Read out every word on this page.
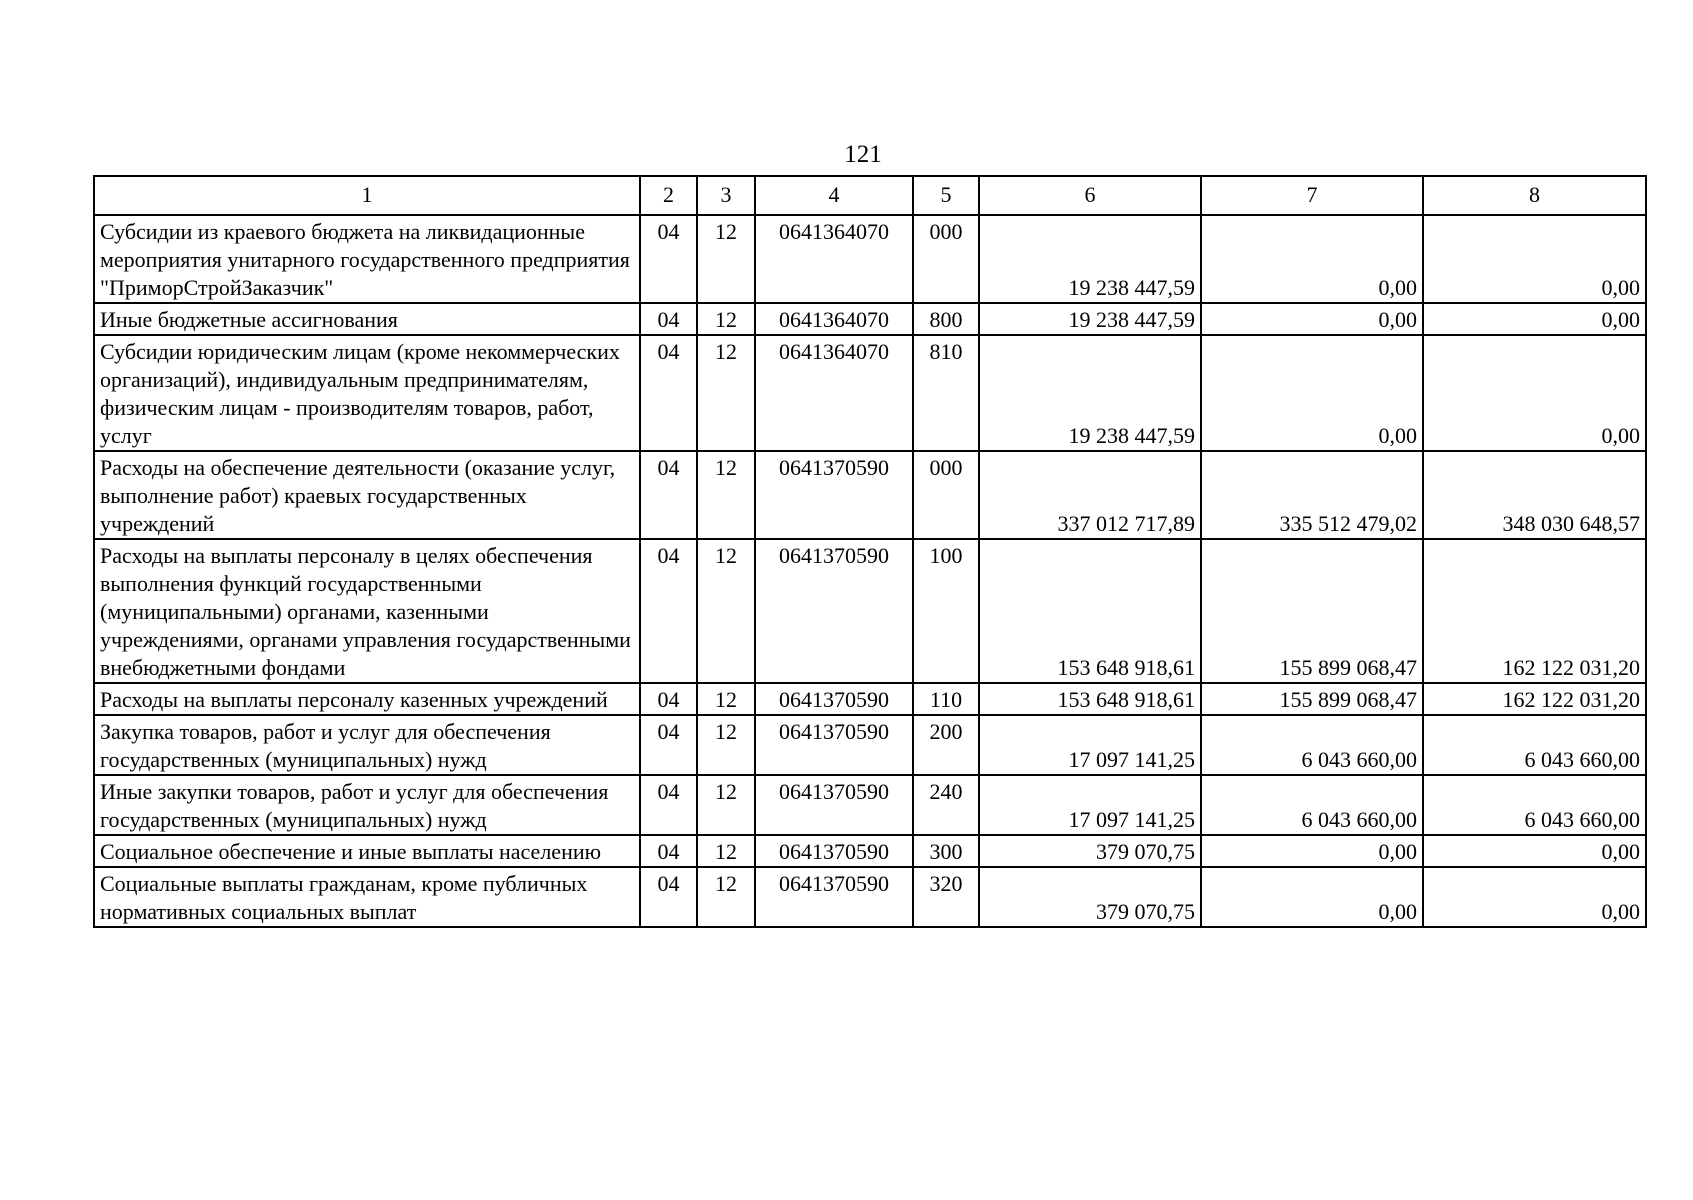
121
1	2	3	4	5	6	7	8
Субсидии из краевого бюджета на ликвидационные мероприятия унитарного государственного предприятия "ПриморСтройЗаказчик"	04	12	0641364070	000	19 238 447,59	0,00	0,00
Иные бюджетные ассигнования	04	12	0641364070	800	19 238 447,59	0,00	0,00
Субсидии юридическим лицам (кроме некоммерческих организаций), индивидуальным предпринимателям, физическим лицам - производителям товаров, работ, услуг	04	12	0641364070	810	19 238 447,59	0,00	0,00
Расходы на обеспечение деятельности (оказание услуг, выполнение работ) краевых государственных учреждений	04	12	0641370590	000	337 012 717,89	335 512 479,02	348 030 648,57
Расходы на выплаты персоналу в целях обеспечения выполнения функций государственными (муниципальными) органами, казенными учреждениями, органами управления государственными внебюджетными фондами	04	12	0641370590	100	153 648 918,61	155 899 068,47	162 122 031,20
Расходы на выплаты персоналу казенных учреждений	04	12	0641370590	110	153 648 918,61	155 899 068,47	162 122 031,20
Закупка товаров, работ и услуг для обеспечения государственных (муниципальных) нужд	04	12	0641370590	200	17 097 141,25	6 043 660,00	6 043 660,00
Иные закупки товаров, работ и услуг для обеспечения государственных (муниципальных) нужд	04	12	0641370590	240	17 097 141,25	6 043 660,00	6 043 660,00
Социальное обеспечение и иные выплаты населению	04	12	0641370590	300	379 070,75	0,00	0,00
Социальные выплаты гражданам, кроме публичных нормативных социальных выплат	04	12	0641370590	320	379 070,75	0,00	0,00
